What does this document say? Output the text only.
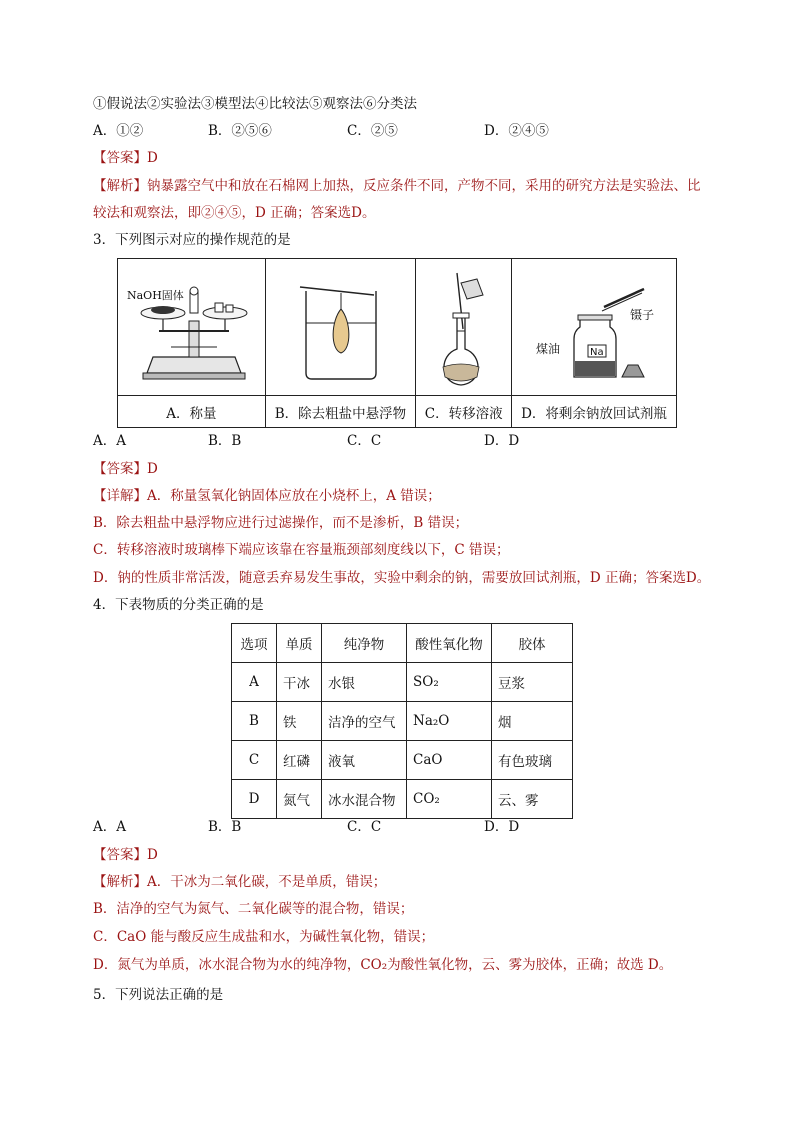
①假说法②实验法③模型法④比较法⑤观察法⑥分类法
A．①②	B．②⑤⑥	C．②⑤	D．②④⑤
【答案】D
【解析】钠暴露空气中和放在石棉网上加热，反应条件不同，产物不同，采用的研究方法是实验法、比
较法和观察法，即②④⑤，D 正确；答案选D。
3．下列图示对应的操作规范的是
NaOH固体			镊子
煤油 Na

A．称量	B．除去粗盐中悬浮物	C．转移溶液	D．将剩余钠放回试剂瓶
A．A	B．B	C．C	D．D
【答案】D
【详解】A．称量氢氧化钠固体应放在小烧杯上，A 错误；
B．除去粗盐中悬浮物应进行过滤操作，而不是渗析，B 错误；
C．转移溶液时玻璃棒下端应该靠在容量瓶颈部刻度线以下，C 错误；
D．钠的性质非常活泼，随意丢弃易发生事故，实验中剩余的钠，需要放回试剂瓶，D 正确；答案选D。
4．下表物质的分类正确的是
选项	单质	纯净物	酸性氧化物	胶体
A	干冰	水银	SO₂	豆浆
B	铁	洁净的空气	Na₂O	烟
C	红磷	液氧	CaO	有色玻璃
D	氮气	冰水混合物	CO₂	云、雾
A．A	B．B	C．C	D．D
【答案】D
【解析】A．干冰为二氧化碳，不是单质，错误；
B．洁净的空气为氮气、二氧化碳等的混合物，错误；
C．CaO 能与酸反应生成盐和水，为碱性氧化物，错误；
D．氮气为单质，冰水混合物为水的纯净物，CO₂为酸性氧化物，云、雾为胶体，正确；故选 D。
5．下列说法正确的是
